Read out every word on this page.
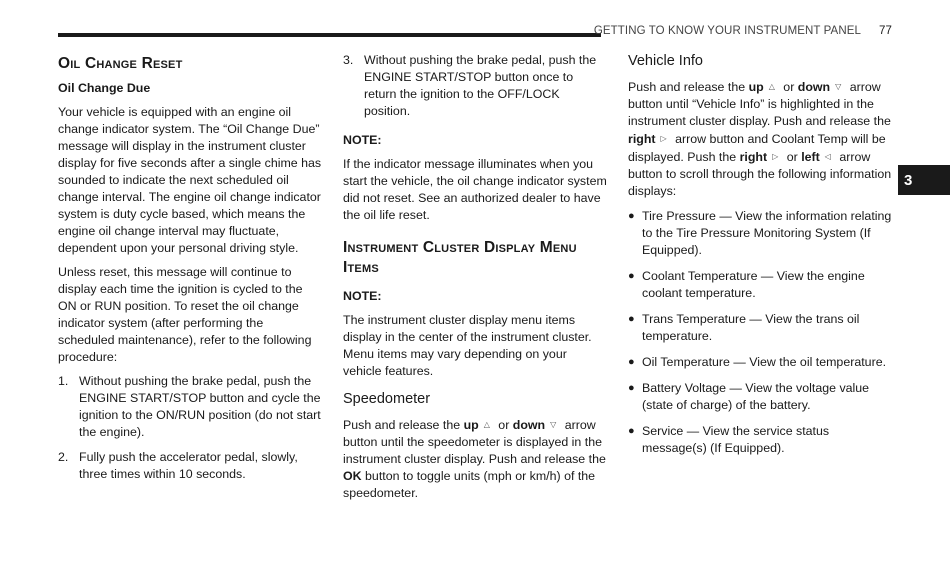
GETTING TO KNOW YOUR INSTRUMENT PANEL 77
3
Oil Change Reset
Oil Change Due

Your vehicle is equipped with an engine oil change indicator system. The “Oil Change Due” message will display in the instrument cluster display for five seconds after a single chime has sounded to indicate the next scheduled oil change interval. The engine oil change indicator system is duty cycle based, which means the engine oil change interval may fluctuate, dependent upon your personal driving style.

Unless reset, this message will continue to display each time the ignition is cycled to the ON or RUN position. To reset the oil change indicator system (after performing the scheduled maintenance), refer to the following procedure:

1. Without pushing the brake pedal, push the ENGINE START/STOP button and cycle the ignition to the ON/RUN position (do not start the engine).
2. Fully push the accelerator pedal, slowly, three times within 10 seconds.
3. Without pushing the brake pedal, push the ENGINE START/STOP button once to return the ignition to the OFF/LOCK position.

NOTE:

If the indicator message illuminates when you start the vehicle, the oil change indicator system did not reset. See an authorized dealer to have the oil life reset.

Instrument Cluster Display Menu Items

NOTE:

The instrument cluster display menu items display in the center of the instrument cluster. Menu items may vary depending on your vehicle features.

Speedometer

Push and release the up △ or down ▽ arrow button until the speedometer is displayed in the instrument cluster display. Push and release the OK button to toggle units (mph or km/h) of the speedometer.

Vehicle Info

Push and release the up △ or down ▽ arrow button until “Vehicle Info” is highlighted in the instrument cluster display. Push and release the right ▷ arrow button and Coolant Temp will be displayed. Push the right ▷ or left ◁ arrow button to scroll through the following information displays:

● Tire Pressure — View the information relating to the Tire Pressure Monitoring System (If Equipped).
● Coolant Temperature — View the engine coolant temperature.
● Trans Temperature — View the trans oil temperature.
● Oil Temperature — View the oil temperature.
● Battery Voltage — View the voltage value (state of charge) of the battery.
● Service — View the service status message(s) (If Equipped).
